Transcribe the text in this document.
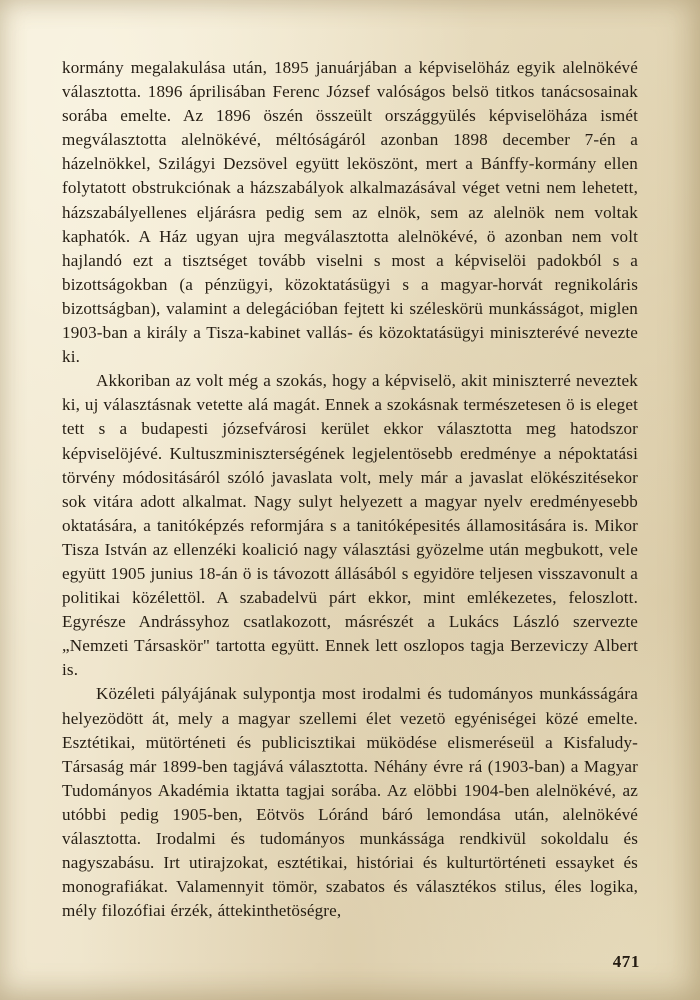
kormány megalakulása után, 1895 januárjában a képviselöház egyik alelnökévé választotta. 1896 áprilisában Ferenc József valóságos belsö titkos tanácsosainak sorába emelte. Az 1896 öszén összeült országgyülés képviselöháza ismét megválasztotta alelnökévé, méltóságáról azonban 1898 december 7-én a házelnökkel, Szilágyi Dezsövel együtt leköszönt, mert a Bánffy-kormány ellen folytatott obstrukciónak a házszabályok alkalmazásával véget vetni nem lehetett, házszabályellenes eljárásra pedig sem az elnök, sem az alelnök nem voltak kaphatók. A Ház ugyan ujra megválasztotta alelnökévé, ö azonban nem volt hajlandó ezt a tisztséget tovább viselni s most a képviselöi padokból s a bizottságokban (a pénzügyi, közoktatásügyi s a magyar-horvát regnikoláris bizottságban), valamint a delegációban fejtett ki széleskörü munkásságot, miglen 1903-ban a király a Tisza-kabinet vallás- és közoktatásügyi miniszterévé nevezte ki.

Akkoriban az volt még a szokás, hogy a képviselö, akit miniszterré neveztek ki, uj választásnak vetette alá magát. Ennek a szokásnak természetesen ö is eleget tett s a budapesti józsefvárosi kerület ekkor választotta meg hatodszor képviselöjévé. Kultuszminiszterségének legjelentösebb eredménye a népoktatási törvény módositásáról szóló javaslata volt, mely már a javaslat elökészitésekor sok vitára adott alkalmat. Nagy sulyt helyezett a magyar nyelv eredményesebb oktatására, a tanitóképzés reformjára s a tanitóképesités államositására is. Mikor Tisza István az ellenzéki koalició nagy választási gyözelme után megbukott, vele együtt 1905 junius 18-án ö is távozott állásából s egyidöre teljesen visszavonult a politikai közélettöl. A szabadelvü párt ekkor, mint emlékezetes, feloszlott. Egyrésze Andrássyhoz csatlakozott, másrészét a Lukács László szervezte „Nemzeti Társaskör" tartotta együtt. Ennek lett oszlopos tagja Berzeviczy Albert is.

Közéleti pályájának sulypontja most irodalmi és tudományos munkásságára helyezödött át, mely a magyar szellemi élet vezetö egyéniségei közé emelte. Esztétikai, mütörténeti és publicisztikai müködése elismeréseül a Kisfaludy-Társaság már 1899-ben tagjává választotta. Néhány évre rá (1903-ban) a Magyar Tudományos Akadémia iktatta tagjai sorába. Az elöbbi 1904-ben alelnökévé, az utóbbi pedig 1905-ben, Eötvös Lóránd báró lemondása után, alelnökévé választotta. Irodalmi és tudományos munkássága rendkivül sokoldalu és nagyszabásu. Irt utirajzokat, esztétikai, históriai és kulturtörténeti essayket és monografiákat. Valamennyit tömör, szabatos és választékos stilus, éles logika, mély filozófiai érzék, áttekinthetöségre,

471
